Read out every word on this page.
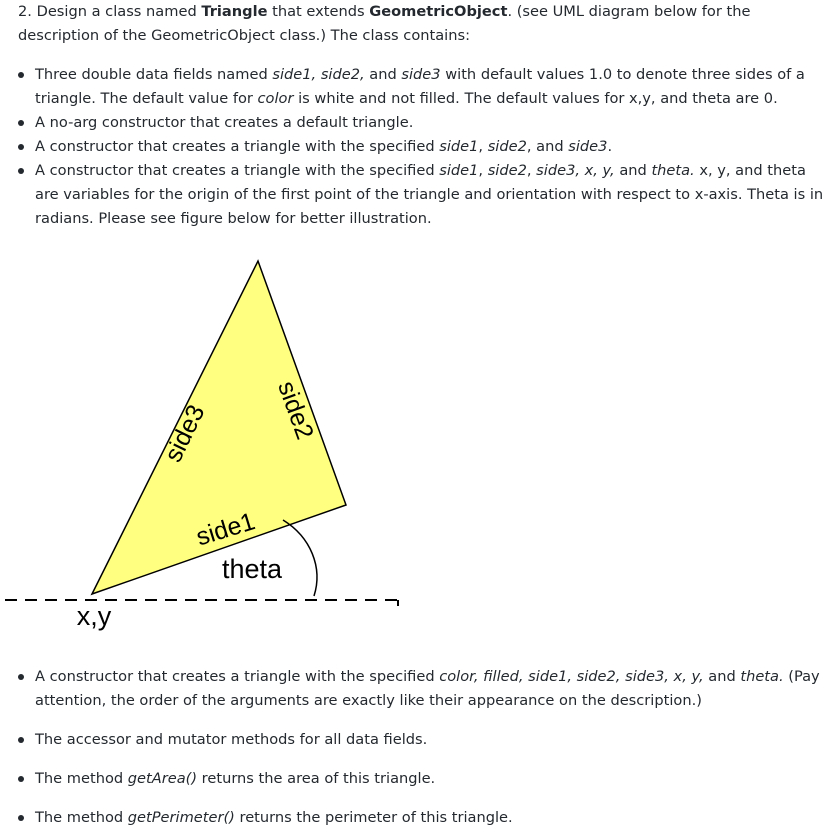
2. Design a class named Triangle that extends GeometricObject. (see UML diagram below for the description of the GeometricObject class.) The class contains:

Three double data fields named side1, side2, and side3 with default values 1.0 to denote three sides of a triangle. The default value for color is white and not filled. The default values for x,y, and theta are 0.
A no-arg constructor that creates a default triangle.
A constructor that creates a triangle with the specified side1, side2, and side3.
A constructor that creates a triangle with the specified side1, side2, side3, x, y, and theta. x, y, and theta are variables for the origin of the first point of the triangle and orientation with respect to x-axis. Theta is in radians. Please see figure below for better illustration.
side3 side2
side1
theta
x,y
A constructor that creates a triangle with the specified color, filled, side1, side2, side3, x, y, and theta. (Pay attention, the order of the arguments are exactly like their appearance on the description.)
The accessor and mutator methods for all data fields.
The method getArea() returns the area of this triangle.
The method getPerimeter() returns the perimeter of this triangle.
